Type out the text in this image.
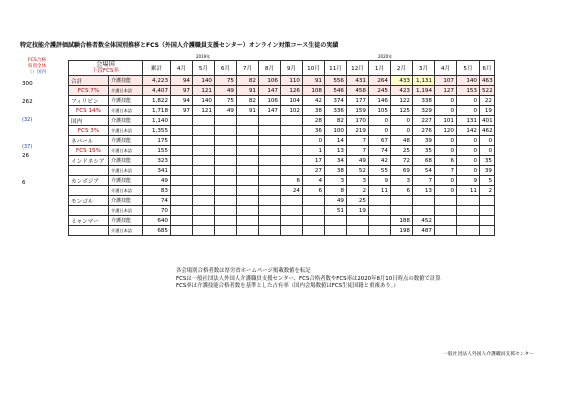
特定技能介護評価試験合格者数全体国別推移とFCS（外国人介護職員支援センター）オンライン対策コース生徒の実績
2019年	2020年
FCS合格
県別全体
（）国内
300
262
(32)
(37)
26
6
会場国
下段FCS率		累計	4月	5月	6月	7月	8月	9月	10月	11月	12月	1月	2月	3月	4月	5月	6月
合計	介護技能	4,223	94	140	75	82	106	110	91	556	431	264	433	1,131	107	140	463
FCS 7%	介護日本語	4,407	97	121	49	91	147	126	108	546	458	245	423	1,194	127	153	522
フィリピン	介護技能	1,822	94	140	75	82	106	104	42	374	177	146	122	338	0	0	22
FCS 14%	介護日本語	1,718	97	121	49	91	147	102	38	336	159	105	125	329	0	0	19
国内	介護技能	1,140							28	82	170	0	0	227	101	131	401
FCS 3%	介護日本語	1,355							36	100	219	0	0	276	120	142	462
ネパール	介護技能	175							0	14	7	67	48	39	0	0	0
FCS 15%	介護日本語	155							1	13	7	74	25	35	0	0	0
インドネシア	介護技能	323							17	34	49	42	72	68	6	0	35
	介護日本語	341							27	38	52	55	69	54	7	0	39
カンボジア	介護技能	49						6	4	3	3	9	3	7	0	9	5
	介護日本語	83						24	6	8	2	11	6	13	0	11	2
モンゴル	介護技能	74								49	25						
	介護日本語	70								51	19						
ミャンマー	介護技能	640											188	452			
	介護日本語	685											198	487			
各会場別合格者数は厚労省ホームページ掲載数値を転記
FCSは一般社団法人外国人介護職員支援センター、FCS合格者数やFCS率は2020年8月10日時点の数値で計算
FCS率は介護技能合格者数を基準とした占有率（国内会場数値はFCS生徒国籍と重複あり。）
一般社団法人外国人介護職員支援センター
